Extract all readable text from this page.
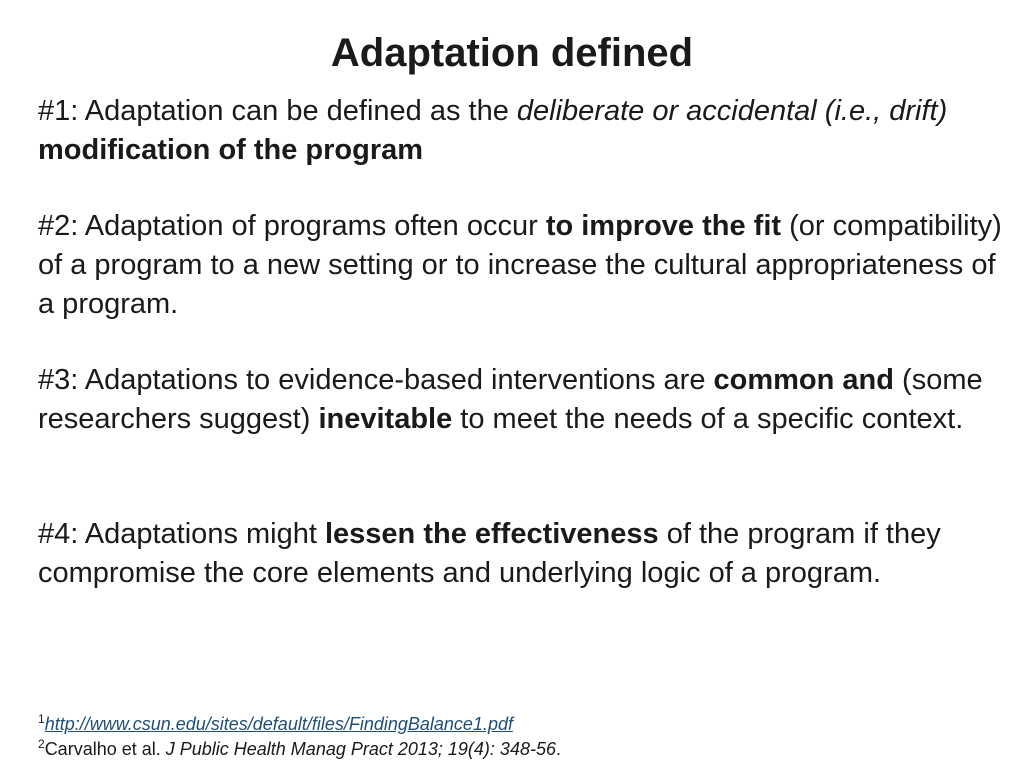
Adaptation defined
#1: Adaptation can be defined as the deliberate or accidental (i.e., drift) modification of the program
#2: Adaptation of programs often occur to improve the fit (or compatibility) of a program to a new setting or to increase the cultural appropriateness of a program.
#3: Adaptations to evidence-based interventions are common and (some researchers suggest) inevitable to meet the needs of a specific context.
#4: Adaptations might lessen the effectiveness of the program if they compromise the core elements and underlying logic of a program.
$^1$http://www.csun.edu/sites/default/files/FindingBalance1.pdf
$^2$Carvalho et al. J Public Health Manag Pract 2013; 19(4): 348-56.
